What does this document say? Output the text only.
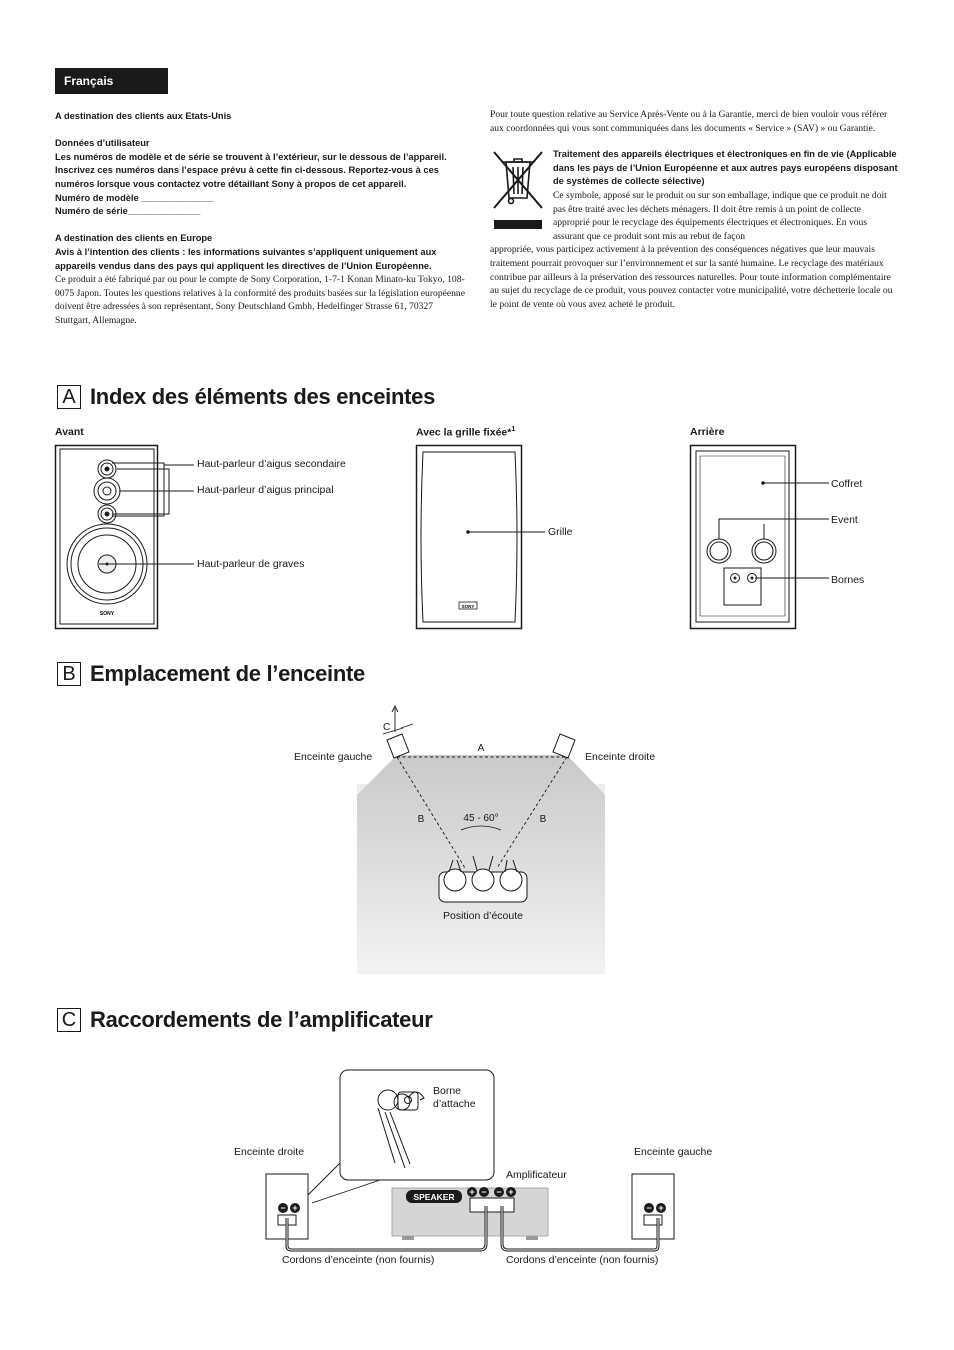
Français

A destination des clients aux Etats-Unis

Données d’utilisateur

Les numéros de modèle et de série se trouvent à l’extérieur, sur le dessous de l’appareil. Inscrivez ces numéros dans l’espace prévu à cette fin ci-dessous. Reportez-vous à ces numéros lorsque vous contactez votre détaillant Sony à propos de cet appareil.

Numéro de modèle ______________

Numéro de série______________

A destination des clients en Europe

Avis à l’intention des clients : les informations suivantes s’appliquent uniquement aux appareils vendus dans des pays qui appliquent les directives de l’Union Européenne.

Ce produit a été fabriqué par ou pour le compte de Sony Corporation, 1-7-1 Konan Minato-ku Tokyo, 108-0075 Japon. Toutes les questions relatives à la conformité des produits basées sur la législation européenne doivent être adressées à son représentant, Sony Deutschland Gmbh, Hedelfinger Strasse 61, 70327 Stuttgart, Allemagne.

Pour toute question relative au Service Après-Vente ou à la Garantie, merci de bien vouloir vous référer aux coordonnées qui vous sont communiquées dans les documents « Service » (SAV) » ou Garantie.
Traitement des appareils électriques et électroniques en fin de vie (Applicable dans les pays de l’Union Européenne et aux autres pays européens disposant de systèmes de collecte sélective)
Ce symbole, apposé sur le produit ou sur son emballage, indique que ce produit ne doit pas être traité avec les déchets ménagers. Il doit être remis à un point de collecte approprié pour le recyclage des équipements électriques et électroniques. En vous assurant que ce produit sont mis au rebut de façon
appropriée, vous participez activement à la prévention des conséquences négatives que leur mauvais traitement pourrait provoquer sur l’environnement et sur la santé humaine. Le recyclage des matériaux contribue par ailleurs à la préservation des ressources naturelles. Pour toute information complémentaire au sujet du recyclage de ce produit, vous pouvez contacter votre municipalité, votre déchetterie locale ou le point de vente où vous avez acheté le produit.
A Index des éléments des enceintes
Avant	Avec la grille fixée*$^1$	Arrière
SONY
Haut-parleur d’aigus secondaire
Haut-parleur d’aigus principal
Haut-parleur de graves
SONY
Grille
Coffret
Event
Bornes
B Emplacement de l’enceinte
C
A
B	B
45 - 60°
Position d’écoute
Enceinte gauche	Enceinte droite
C Raccordements de l’amplificateur
− +	− +
SPEAKER + − − +
Borne d’attache
Enceinte droite	Enceinte gauche
Amplificateur
Cordons d’enceinte (non fournis)	Cordons d’enceinte (non fournis)
